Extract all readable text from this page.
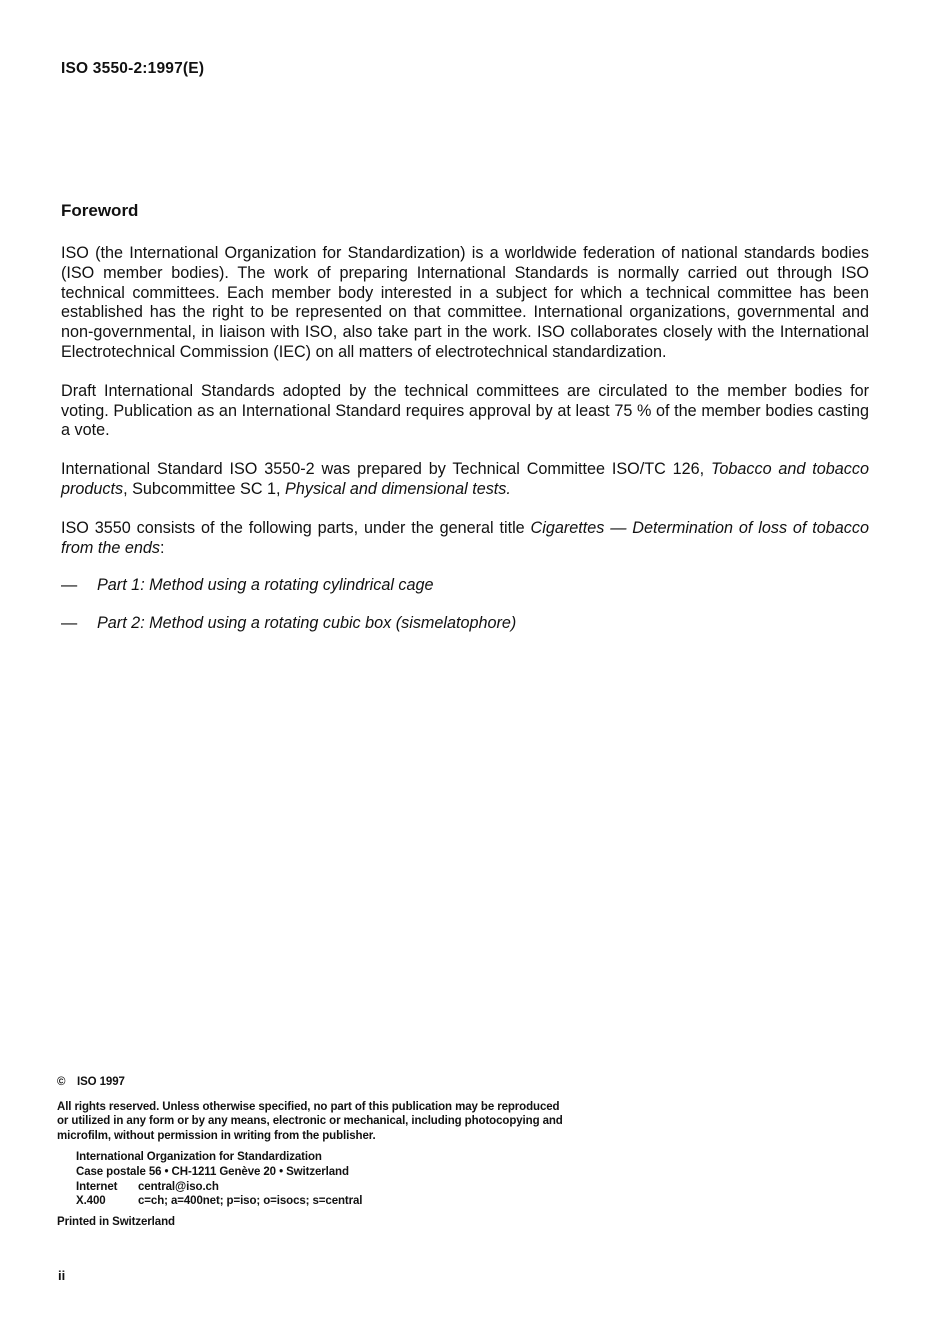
ISO 3550-2:1997(E)
Foreword

ISO (the International Organization for Standardization) is a worldwide federation of national standards bodies (ISO member bodies). The work of preparing International Standards is normally carried out through ISO technical committees. Each member body interested in a subject for which a technical committee has been established has the right to be represented on that committee. International organizations, governmental and non-governmental, in liaison with ISO, also take part in the work. ISO collaborates closely with the International Electrotechnical Commission (IEC) on all matters of electrotechnical standardization.

Draft International Standards adopted by the technical committees are circulated to the member bodies for voting. Publication as an International Standard requires approval by at least 75 % of the member bodies casting a vote.

International Standard ISO 3550-2 was prepared by Technical Committee ISO/TC 126, Tobacco and tobacco products, Subcommittee SC 1, Physical and dimensional tests.

ISO 3550 consists of the following parts, under the general title Cigarettes — Determination of loss of tobacco from the ends:

—	Part 1: Method using a rotating cylindrical cage
—	Part 2: Method using a rotating cubic box (sismelatophore)
©	ISO 1997
All rights reserved. Unless otherwise specified, no part of this publication may be reproduced
or utilized in any form or by any means, electronic or mechanical, including photocopying and
microfilm, without permission in writing from the publisher.
International Organization for Standardization
Case postale 56 • CH-1211 Genève 20 • Switzerland
Internet	central@iso.ch
X.400	c=ch; a=400net; p=iso; o=isocs; s=central
Printed in Switzerland
ii
